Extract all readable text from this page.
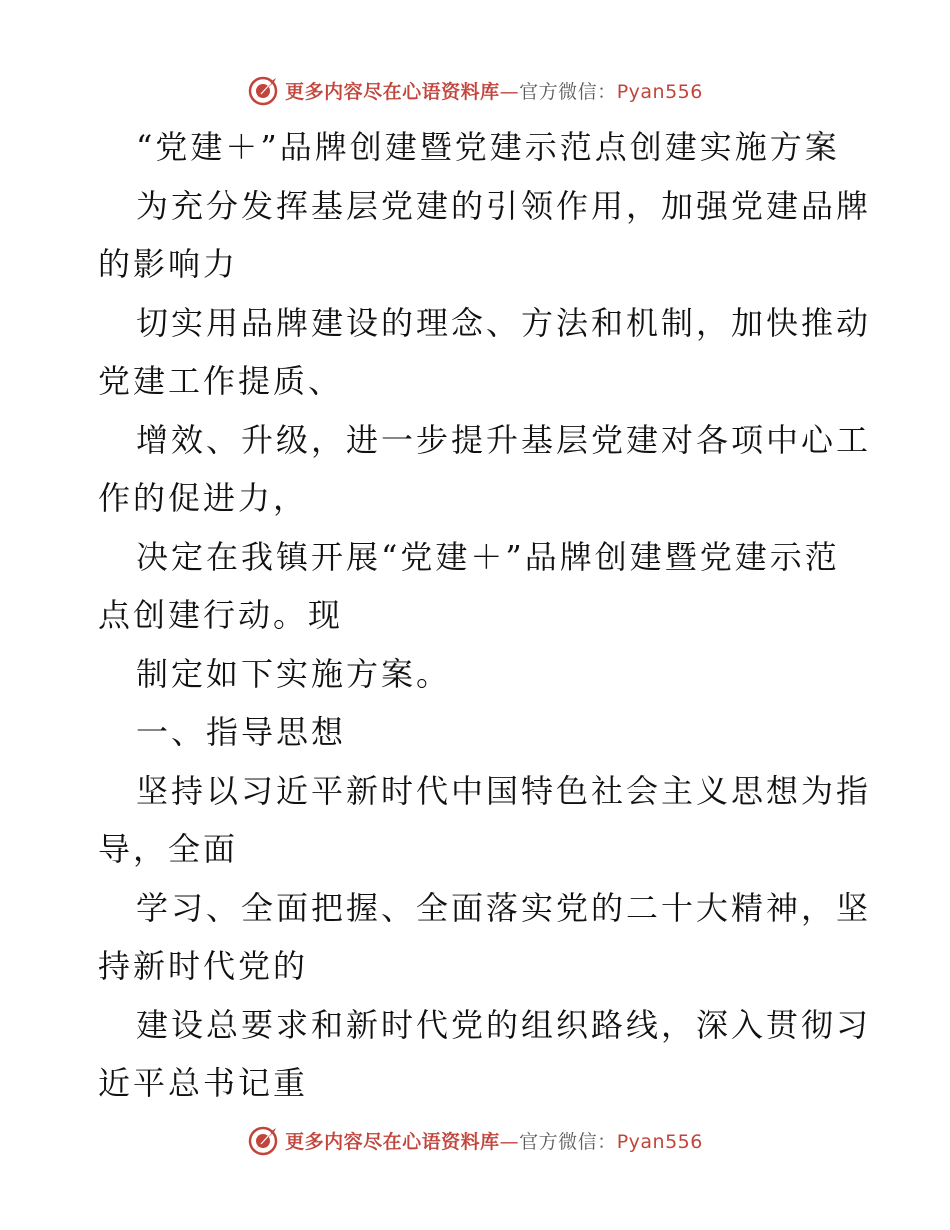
更多内容尽在心语资料库—官方微信：Pyan556
“党建＋”品牌创建暨党建示范点创建实施方案
为充分发挥基层党建的引领作用，加强党建品牌
的影响力
切实用品牌建设的理念、方法和机制，加快推动
党建工作提质、
增效、升级，进一步提升基层党建对各项中心工
作的促进力，
决定在我镇开展“党建＋”品牌创建暨党建示范
点创建行动。现
制定如下实施方案。
一、指导思想
坚持以习近平新时代中国特色社会主义思想为指
导，全面
学习、全面把握、全面落实党的二十大精神，坚
持新时代党的
建设总要求和新时代党的组织路线，深入贯彻习
近平总书记重
更多内容尽在心语资料库—官方微信：Pyan556
